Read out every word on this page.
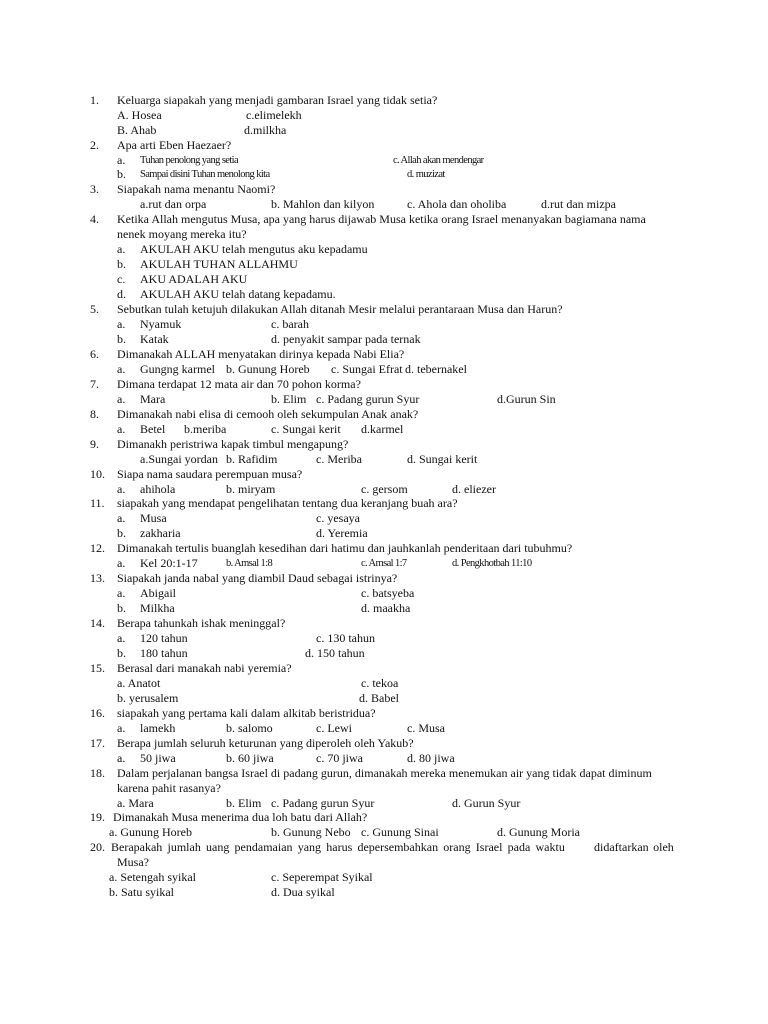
1. Keluarga siapakah yang menjadi gambaran Israel yang tidak setia?
A. Hosea	c.elimelekh
B. Ahab	d.milkha
2. Apa arti Eben Haezaer?
a. Tuhan penolong yang setia	c. Allah akan mendengar
b. Sampai disini Tuhan menolong kita	d. muzizat
3. Siapakah nama menantu Naomi?
a.rut dan orpa	b. Mahlon dan kilyon	c. Ahola dan oholiba	d.rut dan mizpa
4. Ketika Allah mengutus Musa, apa yang harus dijawab Musa ketika orang Israel menanyakan bagiamana nama
nenek moyang mereka itu?
a. AKULAH AKU telah mengutus aku kepadamu
b. AKULAH TUHAN ALLAHMU
c. AKU ADALAH AKU
d. AKULAH AKU telah datang kepadamu.
5. Sebutkan tulah ketujuh dilakukan Allah ditanah Mesir melalui perantaraan Musa dan Harun?
a. Nyamuk	c. barah
b. Katak	d. penyakit sampar pada ternak
6. Dimanakah ALLAH menyatakan dirinya kepada Nabi Elia?
a. Gungng karmel b. Gunung Horeb c. Sungai Efrat d. tebernakel
7. Dimana terdapat 12 mata air dan 70 pohon korma?
a. Mara	b. Elim c. Padang gurun Syur	d.Gurun Sin
8. Dimanakah nabi elisa di cemooh oleh sekumpulan Anak anak?
a. Betel b.meriba	c. Sungai kerit d.karmel
9. Dimanakh peristriwa kapak timbul mengapung?
a.Sungai yordan b. Rafidim	c. Meriba	d. Sungai kerit
10. Siapa nama saudara perempuan musa?
a. ahihola	b. miryam	c. gersom	d. eliezer
11. siapakah yang mendapat pengelihatan tentang dua keranjang buah ara?
a. Musa	c. yesaya
b. zakharia	d. Yeremia
12. Dimanakah tertulis buanglah kesedihan dari hatimu dan jauhkanlah penderitaan dari tubuhmu?
a. Kel 20:1-17	b. Amsal 1:8	c. Amsal 1:7	d. Pengkhotbah 11:10
13. Siapakah janda nabal yang diambil Daud sebagai istrinya?
a. Abigail	c. batsyeba
b. Milkha	d. maakha
14. Berapa tahunkah ishak meninggal?
a. 120 tahun	c. 130 tahun
b. 180 tahun	d. 150 tahun
15. Berasal dari manakah nabi yeremia?
a. Anatot	c. tekoa
b. yerusalem	d. Babel
16. siapakah yang pertama kali dalam alkitab beristridua?
a. lamekh	b. salomo	c. Lewi	c. Musa
17. Berapa jumlah seluruh keturunan yang diperoleh oleh Yakub?
a. 50 jiwa	b. 60 jiwa	c. 70 jiwa	d. 80 jiwa
18. Dalam perjalanan bangsa Israel di padang gurun, dimanakah mereka menemukan air yang tidak dapat diminum
karena pahit rasanya?
a. Mara	b. Elim c. Padang gurun Syur	d. Gurun Syur
19. Dimanakah Musa menerima dua loh batu dari Allah?
a. Gunung Horeb	b. Gunung Nebo c. Gunung Sinai	d. Gunung Moria
20. Berapakah jumlah uang pendamaian yang harus depersembahkan orang Israel pada waktu didaftarkan oleh
Musa?
a. Setengah syikal	c. Seperempat Syikal
b. Satu syikal	d. Dua syikal
